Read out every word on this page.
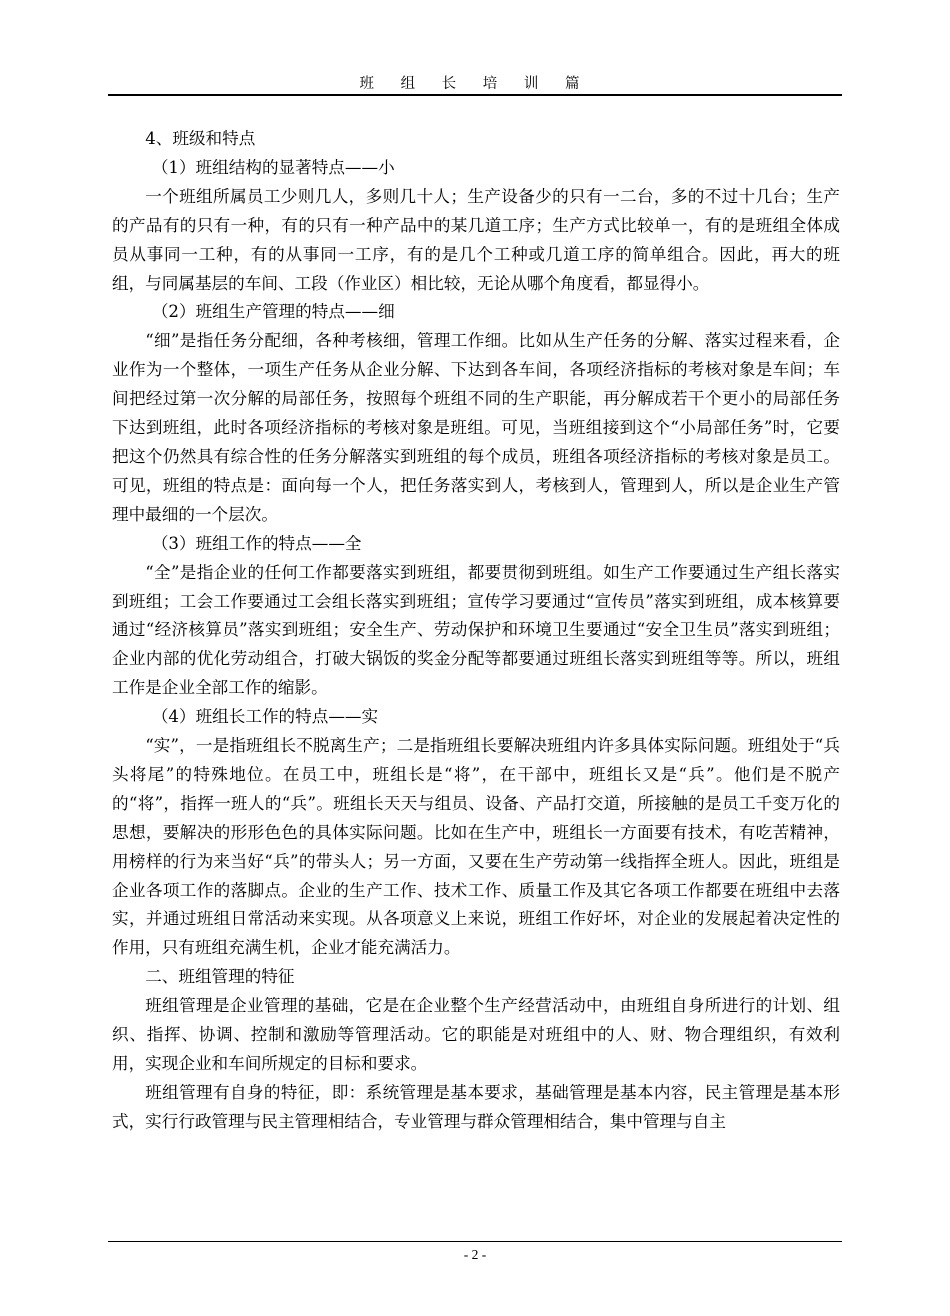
班 组 长 培 训 篇

4、班级和特点

（1）班组结构的显著特点——小

一个班组所属员工少则几人，多则几十人；生产设备少的只有一二台，多的不过十几台；生产的产品有的只有一种，有的只有一种产品中的某几道工序；生产方式比较单一，有的是班组全体成员从事同一工种，有的从事同一工序，有的是几个工种或几道工序的简单组合。因此，再大的班组，与同属基层的车间、工段（作业区）相比较，无论从哪个角度看，都显得小。

（2）班组生产管理的特点——细

“细”是指任务分配细，各种考核细，管理工作细。比如从生产任务的分解、落实过程来看，企业作为一个整体，一项生产任务从企业分解、下达到各车间，各项经济指标的考核对象是车间；车间把经过第一次分解的局部任务，按照每个班组不同的生产职能，再分解成若干个更小的局部任务下达到班组，此时各项经济指标的考核对象是班组。可见，当班组接到这个“小局部任务”时，它要把这个仍然具有综合性的任务分解落实到班组的每个成员，班组各项经济指标的考核对象是员工。可见，班组的特点是：面向每一个人，把任务落实到人，考核到人，管理到人，所以是企业生产管理中最细的一个层次。

（3）班组工作的特点——全

“全”是指企业的任何工作都要落实到班组，都要贯彻到班组。如生产工作要通过生产组长落实到班组；工会工作要通过工会组长落实到班组；宣传学习要通过“宣传员”落实到班组，成本核算要通过“经济核算员”落实到班组；安全生产、劳动保护和环境卫生要通过“安全卫生员”落实到班组；企业内部的优化劳动组合，打破大锅饭的奖金分配等都要通过班组长落实到班组等等。所以，班组工作是企业全部工作的缩影。

（4）班组长工作的特点——实

“实”，一是指班组长不脱离生产；二是指班组长要解决班组内许多具体实际问题。班组处于“兵头将尾”的特殊地位。在员工中，班组长是“将”，在干部中，班组长又是“兵”。他们是不脱产的“将”，指挥一班人的“兵”。班组长天天与组员、设备、产品打交道，所接触的是员工千变万化的思想，要解决的形形色色的具体实际问题。比如在生产中，班组长一方面要有技术，有吃苦精神，用榜样的行为来当好“兵”的带头人；另一方面，又要在生产劳动第一线指挥全班人。因此，班组是企业各项工作的落脚点。企业的生产工作、技术工作、质量工作及其它各项工作都要在班组中去落实，并通过班组日常活动来实现。从各项意义上来说，班组工作好坏，对企业的发展起着决定性的作用，只有班组充满生机，企业才能充满活力。

二、班组管理的特征

班组管理是企业管理的基础，它是在企业整个生产经营活动中，由班组自身所进行的计划、组织、指挥、协调、控制和激励等管理活动。它的职能是对班组中的人、财、物合理组织，有效利用，实现企业和车间所规定的目标和要求。

班组管理有自身的特征，即：系统管理是基本要求，基础管理是基本内容，民主管理是基本形式，实行行政管理与民主管理相结合，专业管理与群众管理相结合，集中管理与自主

- 2 -
